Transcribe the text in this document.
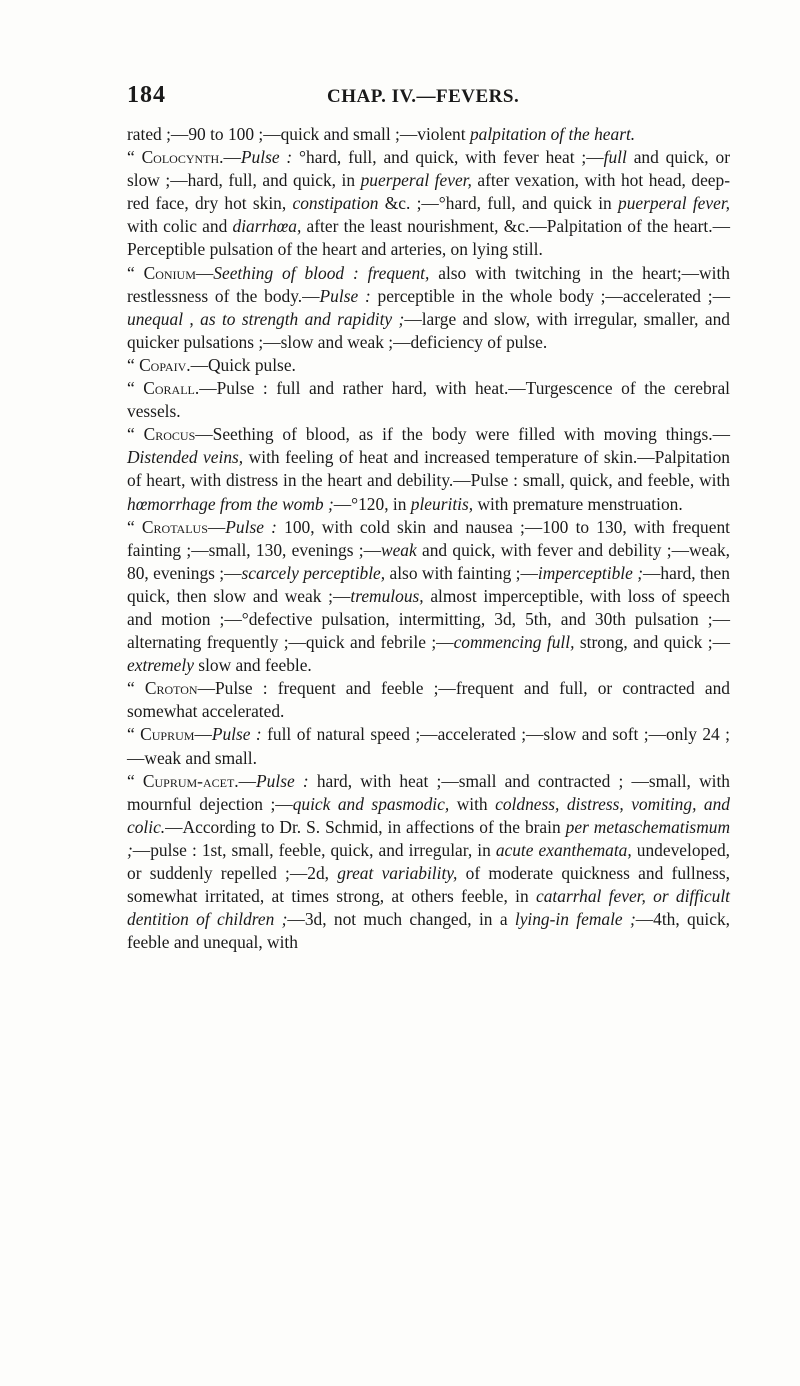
184	CHAP. IV.—FEVERS.

rated ;—90 to 100 ;—quick and small ;—violent palpitation of the heart.

“ Colocynth.—Pulse : °hard, full, and quick, with fever heat ;—full and quick, or slow ;—hard, full, and quick, in puerperal fever, after vexation, with hot head, deep-red face, dry hot skin, constipation &c. ;—°hard, full, and quick in puerperal fever, with colic and diarrhœa, after the least nourishment, &c.—Palpitation of the heart.—Perceptible pulsation of the heart and arteries, on lying still.

“ Conium—Seething of blood : frequent, also with twitching in the heart;—with restlessness of the body.—Pulse : perceptible in the whole body ;—accelerated ;—unequal , as to strength and rapidity ;—large and slow, with irregular, smaller, and quicker pulsations ;—slow and weak ;—deficiency of pulse.

“ Copaiv.—Quick pulse.

“ Corall.—Pulse : full and rather hard, with heat.—Turgescence of the cerebral vessels.

“ Crocus—Seething of blood, as if the body were filled with moving things.—Distended veins, with feeling of heat and increased temperature of skin.—Palpitation of heart, with distress in the heart and debility.—Pulse : small, quick, and feeble, with hœmorrhage from the womb ;—°120, in pleuritis, with premature menstruation.

“ Crotalus—Pulse : 100, with cold skin and nausea ;—100 to 130, with frequent fainting ;—small, 130, evenings ;—weak and quick, with fever and debility ;—weak, 80, evenings ;—scarcely perceptible, also with fainting ;—imperceptible ;—hard, then quick, then slow and weak ;—tremulous, almost imperceptible, with loss of speech and motion ;—°defective pulsation, intermitting, 3d, 5th, and 30th pulsation ;—alternating frequently ;—quick and febrile ;—commencing full, strong, and quick ;—extremely slow and feeble.

“ Croton—Pulse : frequent and feeble ;—frequent and full, or contracted and somewhat accelerated.

“ Cuprum—Pulse : full of natural speed ;—accelerated ;—slow and soft ;—only 24 ;—weak and small.

“ Cuprum-acet.—Pulse : hard, with heat ;—small and contracted ; —small, with mournful dejection ;—quick and spasmodic, with coldness, distress, vomiting, and colic.—According to Dr. S. Schmid, in affections of the brain per metaschematismum ;—pulse : 1st, small, feeble, quick, and irregular, in acute exanthemata, undeveloped, or suddenly repelled ;—2d, great variability, of moderate quickness and fullness, somewhat irritated, at times strong, at others feeble, in catarrhal fever, or difficult dentition of children ;—3d, not much changed, in a lying-in female ;—4th, quick, feeble and unequal, with
